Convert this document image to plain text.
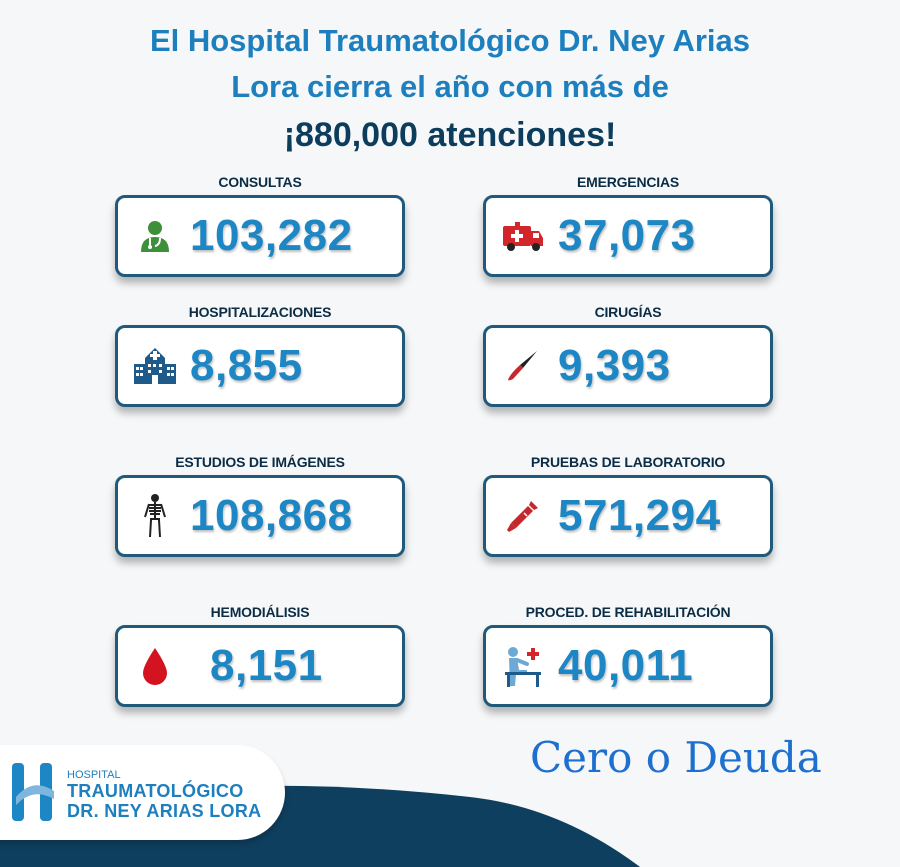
El Hospital Traumatológico Dr. Ney Arias
Lora cierra el año con más de
¡880,000 atenciones!
CONSULTAS
103,282
EMERGENCIAS
37,073
HOSPITALIZACIONES
8,855
CIRUGÍAS
9,393
ESTUDIOS DE IMÁGENES
108,868
PRUEBAS DE LABORATORIO
571,294
HEMODIÁLISIS
8,151
PROCED. DE REHABILITACIÓN
40,011
Cero o Deuda
HOSPITAL
TRAUMATOLÓGICO
DR. NEY ARIAS LORA
